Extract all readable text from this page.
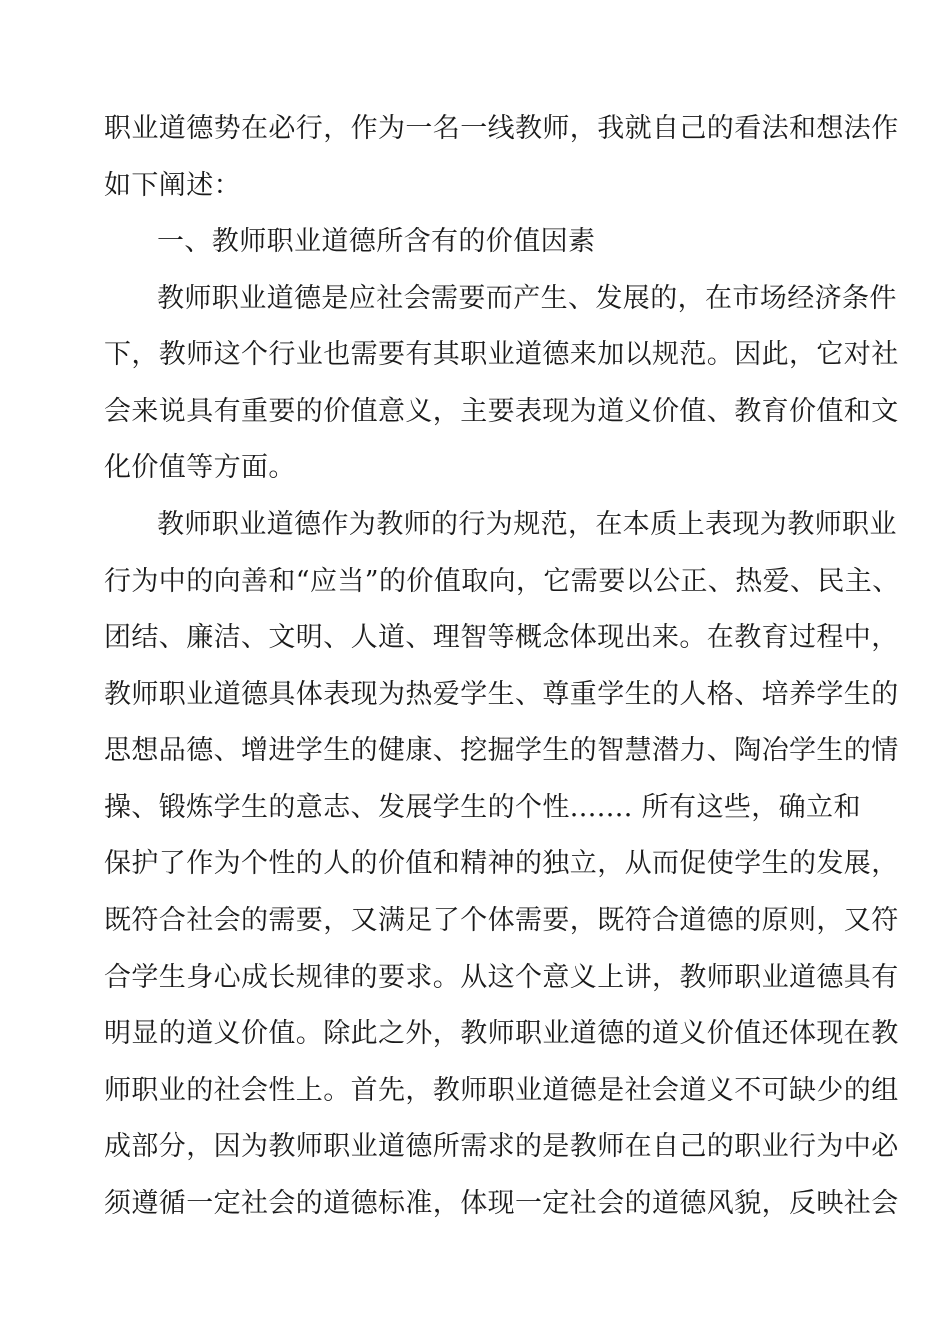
职业道德势在必行，作为一名一线教师，我就自己的看法和想法作
如下阐述：
一、教师职业道德所含有的价值因素
教师职业道德是应社会需要而产生、发展的，在市场经济条件
下，教师这个行业也需要有其职业道德来加以规范。因此，它对社
会来说具有重要的价值意义，主要表现为道义价值、教育价值和文
化价值等方面。
教师职业道德作为教师的行为规范，在本质上表现为教师职业
行为中的向善和“应当”的价值取向，它需要以公正、热爱、民主、
团结、廉洁、文明、人道、理智等概念体现出来。在教育过程中，
教师职业道德具体表现为热爱学生、尊重学生的人格、培养学生的
思想品德、增进学生的健康、挖掘学生的智慧潜力、陶冶学生的情
操、锻炼学生的意志、发展学生的个性....... 所有这些，确立和
保护了作为个性的人的价值和精神的独立，从而促使学生的发展，
既符合社会的需要，又满足了个体需要，既符合道德的原则，又符
合学生身心成长规律的要求。从这个意义上讲，教师职业道德具有
明显的道义价值。除此之外，教师职业道德的道义价值还体现在教
师职业的社会性上。首先，教师职业道德是社会道义不可缺少的组
成部分，因为教师职业道德所需求的是教师在自己的职业行为中必
须遵循一定社会的道德标准，体现一定社会的道德风貌，反映社会
